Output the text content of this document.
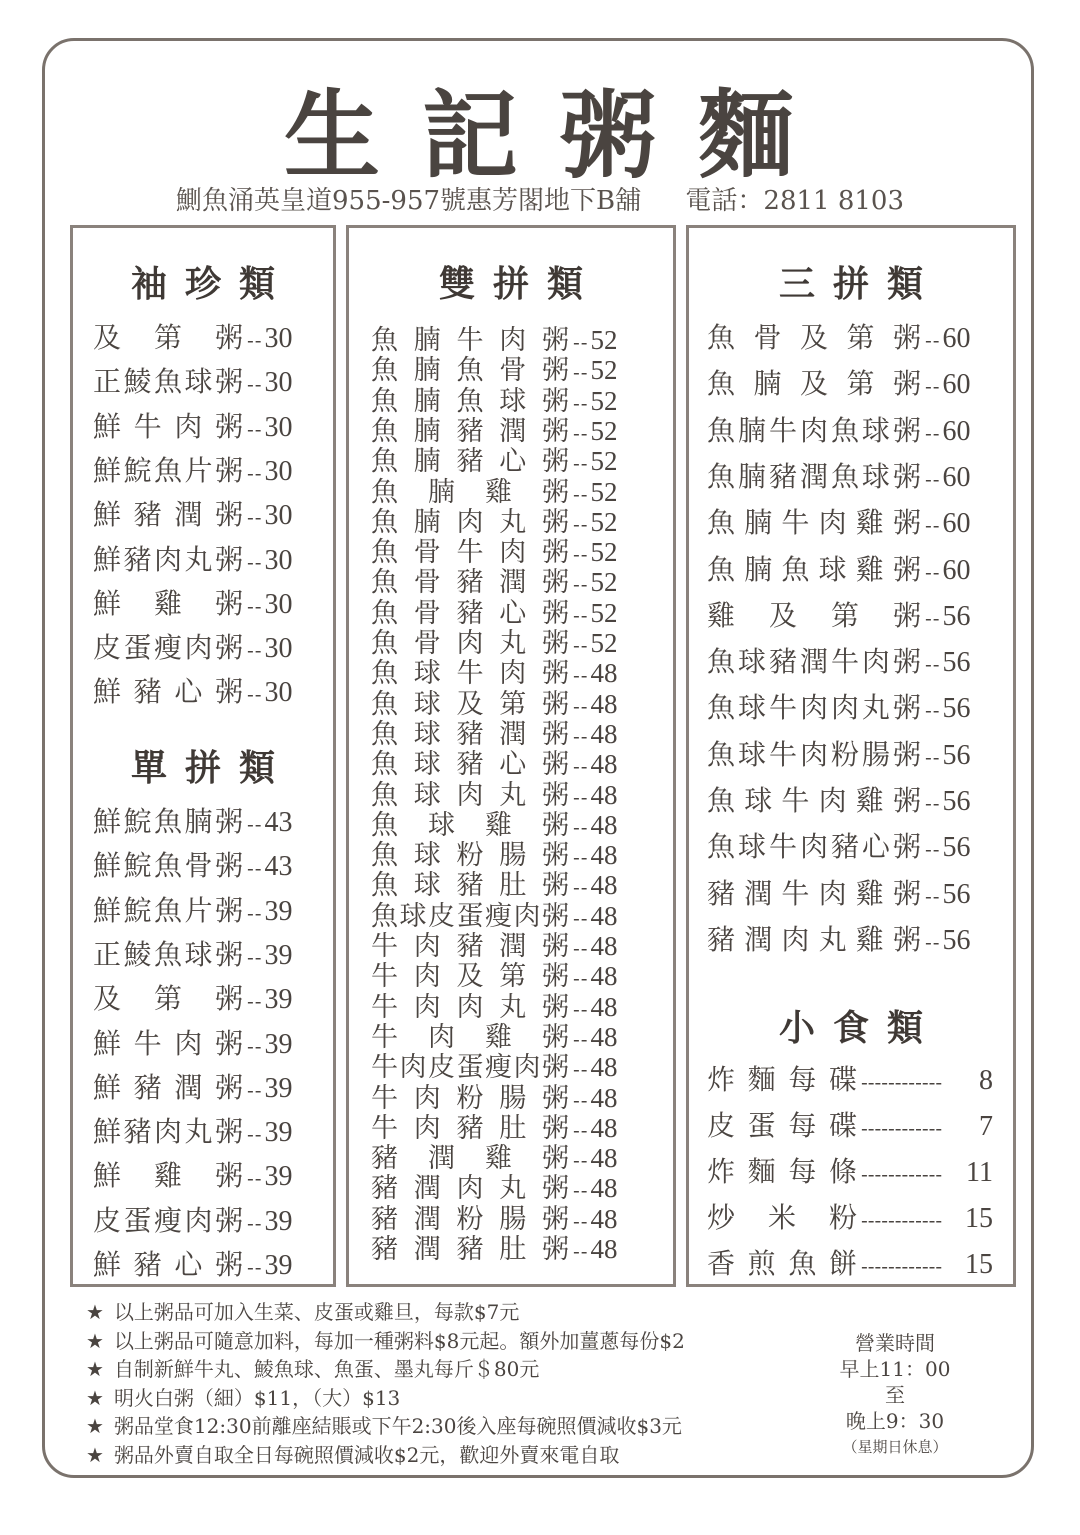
生記粥麵
鰂魚涌英皇道955-957號惠芳閣地下B舖 電話：2811 8103
袖珍類
及 第 粥 -- 30
正 鯪 魚 球 粥 -- 30
鮮 牛 肉 粥 -- 30
鮮 鯇 魚 片 粥 -- 30
鮮 豬 潤 粥 -- 30
鮮 豬 肉 丸 粥 -- 30
鮮 雞 粥 -- 30
皮 蛋 瘦 肉 粥 -- 30
鮮 豬 心 粥 -- 30
單拼類
鮮 鯇 魚 腩 粥 -- 43
鮮 鯇 魚 骨 粥 -- 43
鮮 鯇 魚 片 粥 -- 39
正 鯪 魚 球 粥 -- 39
及 第 粥 -- 39
鮮 牛 肉 粥 -- 39
鮮 豬 潤 粥 -- 39
鮮 豬 肉 丸 粥 -- 39
鮮 雞 粥 -- 39
皮 蛋 瘦 肉 粥 -- 39
鮮 豬 心 粥 -- 39
雙拼類
魚 腩 牛 肉 粥 -- 52
魚 腩 魚 骨 粥 -- 52
魚 腩 魚 球 粥 -- 52
魚 腩 豬 潤 粥 -- 52
魚 腩 豬 心 粥 -- 52
魚 腩 雞 粥 -- 52
魚 腩 肉 丸 粥 -- 52
魚 骨 牛 肉 粥 -- 52
魚 骨 豬 潤 粥 -- 52
魚 骨 豬 心 粥 -- 52
魚 骨 肉 丸 粥 -- 52
魚 球 牛 肉 粥 -- 48
魚 球 及 第 粥 -- 48
魚 球 豬 潤 粥 -- 48
魚 球 豬 心 粥 -- 48
魚 球 肉 丸 粥 -- 48
魚 球 雞 粥 -- 48
魚 球 粉 腸 粥 -- 48
魚 球 豬 肚 粥 -- 48
魚 球 皮 蛋 瘦 肉 粥 -- 48
牛 肉 豬 潤 粥 -- 48
牛 肉 及 第 粥 -- 48
牛 肉 肉 丸 粥 -- 48
牛 肉 雞 粥 -- 48
牛 肉 皮 蛋 瘦 肉 粥 -- 48
牛 肉 粉 腸 粥 -- 48
牛 肉 豬 肚 粥 -- 48
豬 潤 雞 粥 -- 48
豬 潤 肉 丸 粥 -- 48
豬 潤 粉 腸 粥 -- 48
豬 潤 豬 肚 粥 -- 48
三拼類
魚 骨 及 第 粥 -- 60
魚 腩 及 第 粥 -- 60
魚 腩 牛 肉 魚 球 粥 -- 60
魚 腩 豬 潤 魚 球 粥 -- 60
魚 腩 牛 肉 雞 粥 -- 60
魚 腩 魚 球 雞 粥 -- 60
雞 及 第 粥 -- 56
魚 球 豬 潤 牛 肉 粥 -- 56
魚 球 牛 肉 肉 丸 粥 -- 56
魚 球 牛 肉 粉 腸 粥 -- 56
魚 球 牛 肉 雞 粥 -- 56
魚 球 牛 肉 豬 心 粥 -- 56
豬 潤 牛 肉 雞 粥 -- 56
豬 潤 肉 丸 雞 粥 -- 56
小食類
炸 麵 每 碟 ------------	8
皮 蛋 每 碟 ------------	7
炸 麵 每 條 ------------ 11
炒 米 粉 ------------ 15
香 煎 魚 餅 ------------ 15
★ 以上粥品可加入生菜、皮蛋或雞旦，每款$7元
★ 以上粥品可隨意加料，每加一種粥料$8元起。額外加薑蔥每份$2
★ 自制新鮮牛丸、鯪魚球、魚蛋、墨丸每斤＄80元
★ 明火白粥（細）$11，（大）$13
★ 粥品堂食12:30前離座結賬或下午2:30後入座每碗照價減收$3元
★ 粥品外賣自取全日每碗照價減收$2元，歡迎外賣來電自取
營業時間
早上11：00
至
晚上9：30
（星期日休息）
